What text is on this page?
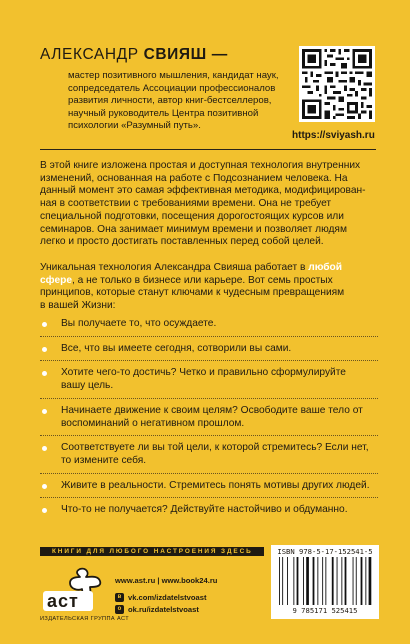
АЛЕКСАНДР СВИЯШ —
мастер позитивного мышления, кандидат наук,
сопредседатель Ассоциации профессионалов
развития личности, автор книг-бестселлеров,
научный руководитель Центра позитивной
психологии «Разумный путь».
https://sviyash.ru
В этой книге изложена простая и доступная технология внутренних
изменений, основанная на работе с Подсознанием человека. На
данный момент это самая эффективная методика, модифицирован-
ная в соответствии с требованиями времени. Она не требует
специальной подготовки, посещения дорогостоящих курсов или
семинаров. Она занимает минимум времени и позволяет людям
легко и просто достигать поставленных перед собой целей.
Уникальная технология Александра Свияша работает в любой
сфере, а не только в бизнесе или карьере. Вот семь простых
принципов, которые станут ключами к чудесным превращениям
в вашей Жизни:
Вы получаете то, что осуждаете.
Все, что вы имеете сегодня, сотворили вы сами.
Хотите чего-то достичь? Четко и правильно сформулируйте
вашу цель.
Начинаете движение к своим целям? Освободите ваше тело от
воспоминаний о негативном прошлом.
Соответствуете ли вы той цели, к которой стремитесь? Если нет,
то измените себя.
Живите в реальности. Стремитесь понять мотивы других людей.
Что-то не получается? Действуйте настойчиво и обдуманно.
КНИГИ ДЛЯ ЛЮБОГО НАСТРОЕНИЯ ЗДЕСЬ
аст
ИЗДАТЕЛЬСКАЯ ГРУППА АСТ
www.ast.ru | www.book24.ru
в vk.com/izdatelstvoast
о ok.ru/izdatelstvoast
ISBN 978-5-17-152541-5
9 785171 525415
